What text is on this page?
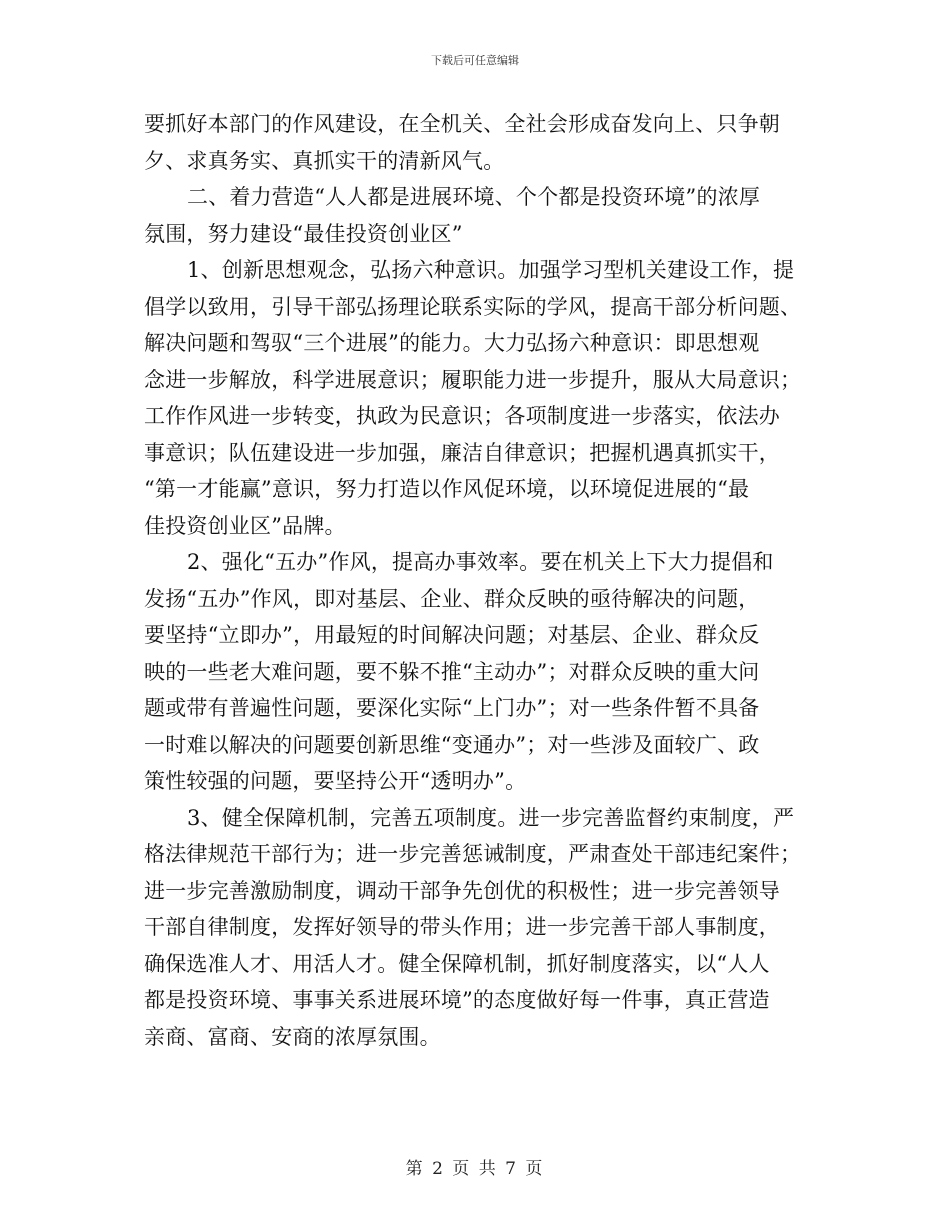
下载后可任意编辑
要抓好本部门的作风建设，在全机关、全社会形成奋发向上、只争朝
夕、求真务实、真抓实干的清新风气。
二、着力营造“人人都是进展环境、个个都是投资环境”的浓厚
氛围，努力建设“最佳投资创业区”
1、创新思想观念，弘扬六种意识。加强学习型机关建设工作，提
倡学以致用，引导干部弘扬理论联系实际的学风，提高干部分析问题、
解决问题和驾驭“三个进展”的能力。大力弘扬六种意识：即思想观
念进一步解放，科学进展意识；履职能力进一步提升，服从大局意识；
工作作风进一步转变，执政为民意识；各项制度进一步落实，依法办
事意识；队伍建设进一步加强，廉洁自律意识；把握机遇真抓实干，
“第一才能赢”意识，努力打造以作风促环境，以环境促进展的“最
佳投资创业区”品牌。
2、强化“五办”作风，提高办事效率。要在机关上下大力提倡和
发扬“五办”作风，即对基层、企业、群众反映的亟待解决的问题，
要坚持“立即办”，用最短的时间解决问题；对基层、企业、群众反
映的一些老大难问题，要不躲不推“主动办”；对群众反映的重大问
题或带有普遍性问题，要深化实际“上门办”；对一些条件暂不具备
一时难以解决的问题要创新思维“变通办”；对一些涉及面较广、政
策性较强的问题，要坚持公开“透明办”。
3、健全保障机制，完善五项制度。进一步完善监督约束制度，严
格法律规范干部行为；进一步完善惩诫制度，严肃查处干部违纪案件；
进一步完善激励制度，调动干部争先创优的积极性；进一步完善领导
干部自律制度，发挥好领导的带头作用；进一步完善干部人事制度，
确保选准人才、用活人才。健全保障机制，抓好制度落实，以“人人
都是投资环境、事事关系进展环境”的态度做好每一件事，真正营造
亲商、富商、安商的浓厚氛围。
第 2 页 共 7 页
